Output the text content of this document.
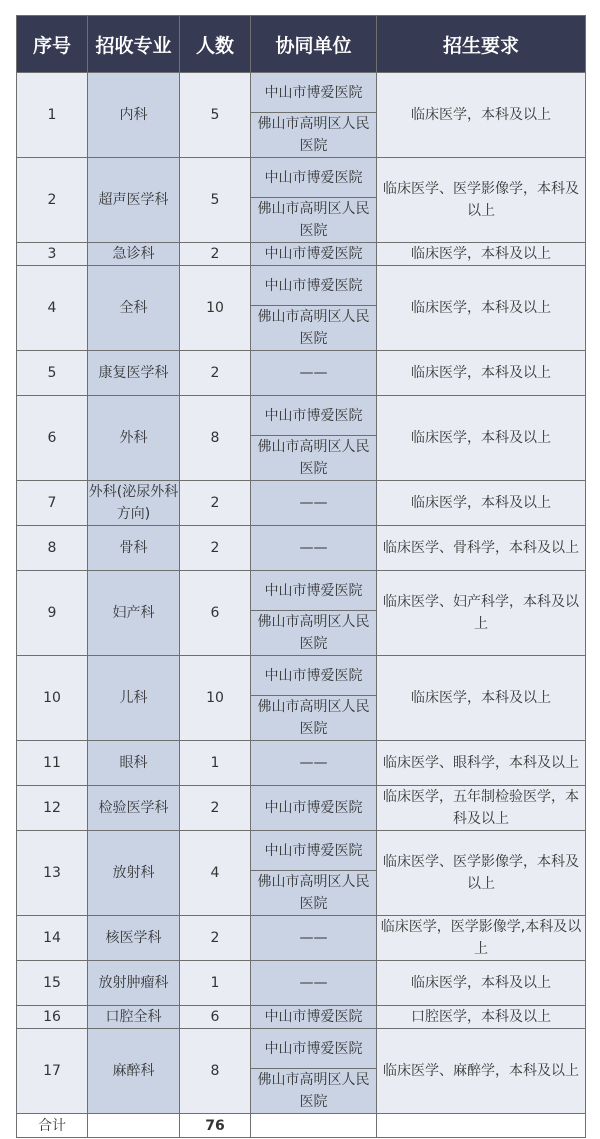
序号	招收专业	人数	协同单位	招生要求
1	内科	5	中山市博爱医院
佛山市高明区人民医院	临床医学，本科及以上
2	超声医学科	5	中山市博爱医院
佛山市高明区人民医院	临床医学、医学影像学，本科及以上
3	急诊科	2	中山市博爱医院	临床医学，本科及以上
4	全科	10	中山市博爱医院
佛山市高明区人民医院	临床医学，本科及以上
5	康复医学科	2	——	临床医学，本科及以上
6	外科	8	中山市博爱医院
佛山市高明区人民医院	临床医学，本科及以上
7	外科(泌尿外科方向)	2	——	临床医学，本科及以上
8	骨科	2	——	临床医学、骨科学，本科及以上
9	妇产科	6	中山市博爱医院
佛山市高明区人民医院	临床医学、妇产科学，本科及以上
10	儿科	10	中山市博爱医院
佛山市高明区人民医院	临床医学，本科及以上
11	眼科	1	——	临床医学、眼科学，本科及以上
12	检验医学科	2	中山市博爱医院	临床医学，五年制检验医学，本科及以上
13	放射科	4	中山市博爱医院
佛山市高明区人民医院	临床医学、医学影像学，本科及以上
14	核医学科	2	——	临床医学，医学影像学,本科及以上
15	放射肿瘤科	1	——	临床医学，本科及以上
16	口腔全科	6	中山市博爱医院	口腔医学，本科及以上
17	麻醉科	8	中山市博爱医院
佛山市高明区人民医院	临床医学、麻醉学，本科及以上
合计		76		
